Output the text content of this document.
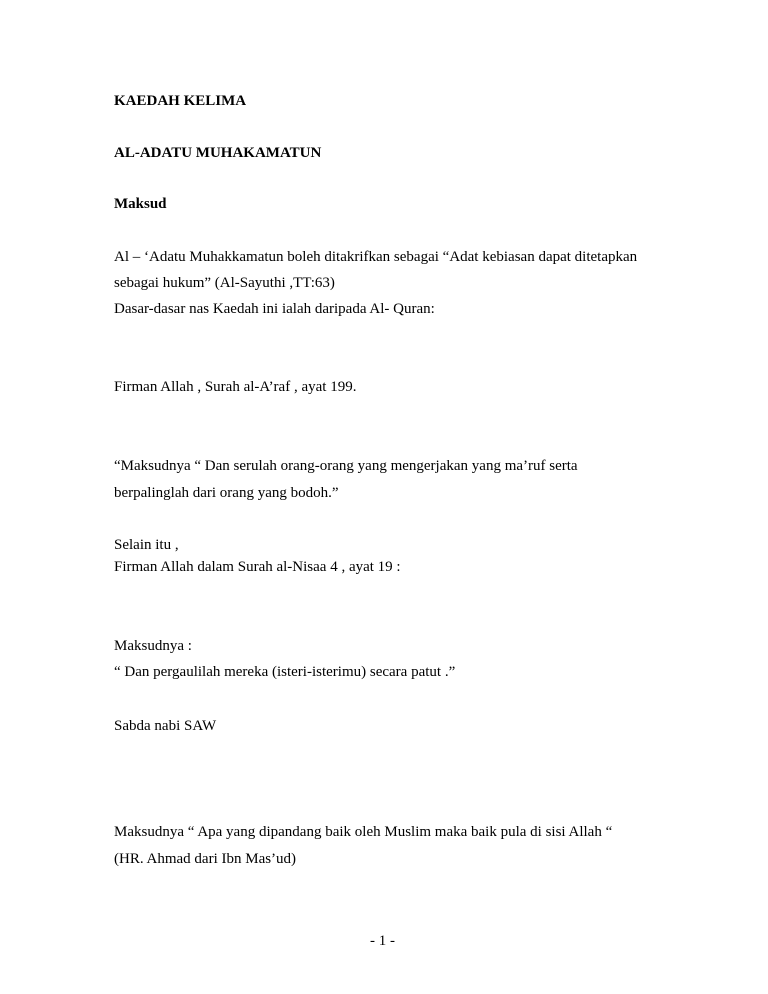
KAEDAH KELIMA
AL-ADATU MUHAKAMATUN
Maksud
Al – ‘Adatu Muhakkamatun boleh ditakrifkan sebagai “Adat kebiasan dapat ditetapkan
sebagai hukum” (Al-Sayuthi ,TT:63)
Dasar-dasar nas Kaedah ini ialah daripada Al- Quran:
Firman Allah , Surah al-A’raf , ayat 199.
“Maksudnya “ Dan serulah orang-orang yang mengerjakan yang ma’ruf serta
berpalinglah dari orang yang bodoh.”
Selain itu ,
Firman Allah dalam Surah al-Nisaa 4 , ayat 19 :
Maksudnya :
“ Dan pergaulilah mereka (isteri-isterimu) secara patut .”
Sabda nabi SAW
Maksudnya “ Apa yang dipandang baik oleh Muslim maka baik pula di sisi Allah “
(HR. Ahmad dari Ibn Mas’ud)
- 1 -
